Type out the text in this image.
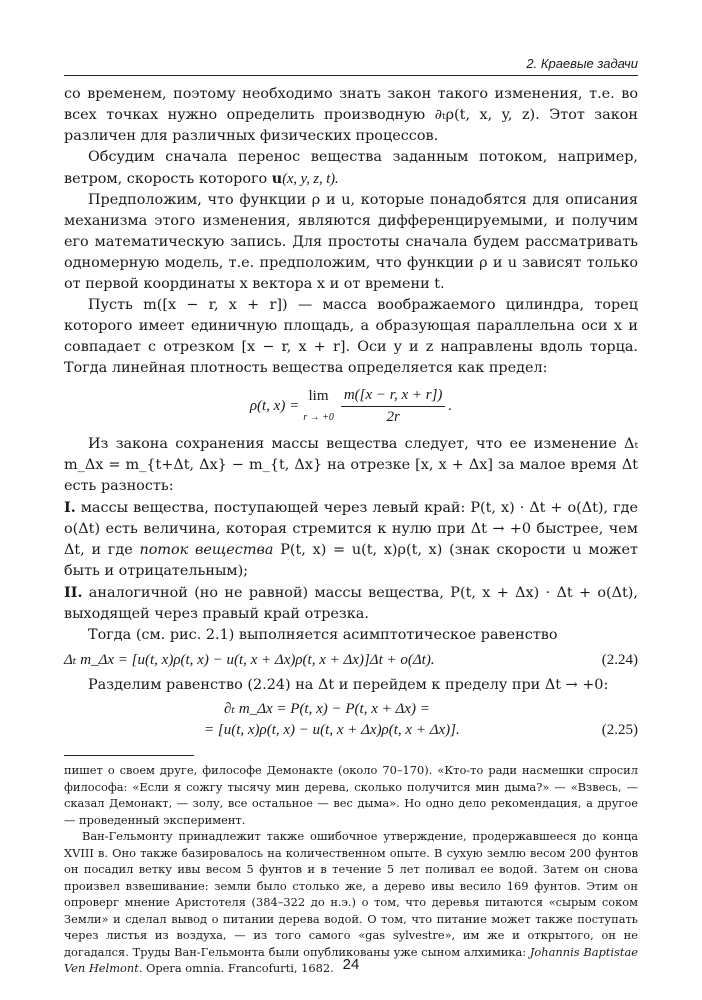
2. Краевые задачи

со временем, поэтому необходимо знать закон такого изменения, т.е. во всех точках нужно определить производную ∂ₜρ(t, x, y, z). Этот закон различен для различных физических процессов.

Обсудим сначала перенос вещества заданным потоком, например, ветром, скорость которого u(x, y, z, t).

Предположим, что функции ρ и u, которые понадобятся для описания механизма этого изменения, являются дифференцируемыми, и получим его математическую запись. Для простоты сначала будем рассматривать одномерную модель, т.е. предположим, что функции ρ и u зависят только от первой координаты x вектора x и от времени t.

Пусть m([x − r, x + r]) — масса воображаемого цилиндра, торец которого имеет единичную площадь, а образующая параллельна оси x и совпадает с отрезком [x − r, x + r]. Оси y и z направлены вдоль торца. Тогда линейная плотность вещества определяется как предел:

ρ(t, x) =
lim
$r \to +0 \frac{m([x - r, x + r])}{2r}$ .

Из закона сохранения массы вещества следует, что ее изменение Δₜ m_Δx = m_{t+Δt, Δx} − m_{t, Δx} на отрезке [x, x + Δx] за малое время Δt есть разность:

I. массы вещества, поступающей через левый край: P(t, x) · Δt + o(Δt), где o(Δt) есть величина, которая стремится к нулю при Δt → +0 быстрее, чем Δt, и где поток вещества P(t, x) = u(t, x)ρ(t, x) (знак скорости u может быть и отрицательным);

II. аналогичной (но не равной) массы вещества, P(t, x + Δx) · Δt + o(Δt), выходящей через правый край отрезка.

Тогда (см. рис. 2.1) выполняется асимптотическое равенство

Δₜ m_Δx = [u(t, x)ρ(t, x) − u(t, x + Δx)ρ(t, x + Δx)]Δt + o(Δt).	(2.24)

Разделим равенство (2.24) на Δt и перейдем к пределу при Δt → +0:

∂ₜ m_Δx = P(t, x) − P(t, x + Δx) =
= [u(t, x)ρ(t, x) − u(t, x + Δx)ρ(t, x + Δx)].	(2.25)

пишет о своем друге, философе Демонакте (около 70–170). «Кто-то ради насмешки спросил философа: «Если я сожгу тысячу мин дерева, сколько получится мин дыма?» — «Взвесь, — сказал Демонакт, — золу, все остальное — вес дыма». Но одно дело рекомендация, а другое — проведенный эксперимент.

Ван-Гельмонту принадлежит также ошибочное утверждение, продержавшееся до конца XVIII в. Оно также базировалось на количественном опыте. В сухую землю весом 200 фунтов он посадил ветку ивы весом 5 фунтов и в течение 5 лет поливал ее водой. Затем он снова произвел взвешивание: земли было столько же, а дерево ивы весило 169 фунтов. Этим он опроверг мнение Аристотеля (384–322 до н.э.) о том, что деревья питаются «сырым соком Земли» и сделал вывод о питании дерева водой. О том, что питание может также поступать через листья из воздуха, — из того самого «gas sylvestre», им же и открытого, он не догадался. Труды Ван-Гельмонта были опубликованы уже сыном алхимика: Johannis Baptistae Ven Helmont. Opera omnia. Francofurti, 1682. 24
